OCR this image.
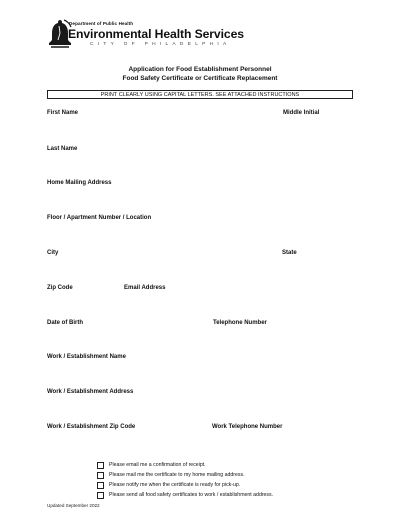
Department of Public Health
Environmental Health Services
CITY OF PHILADELPHIA
Application for Food Establishment Personnel
Food Safety Certificate or Certificate Replacement
PRINT CLEARLY USING CAPITAL LETTERS. SEE ATTACHED INSTRUCTIONS
First Name	Middle Initial
Last Name
Home Mailing Address
Floor / Apartment Number / Location
City	State
Zip Code	Email Address
Date of Birth	Telephone Number
Work / Establishment Name
Work / Establishment Address
Work / Establishment Zip Code	Work Telephone Number
Please email me a confirmation of receipt.
Please mail me the certificate to my home mailing address.
Please notify me when the certificate is ready for pick-up.
Please send all food safety certificates to work / establishment address.
Updated September 2022
